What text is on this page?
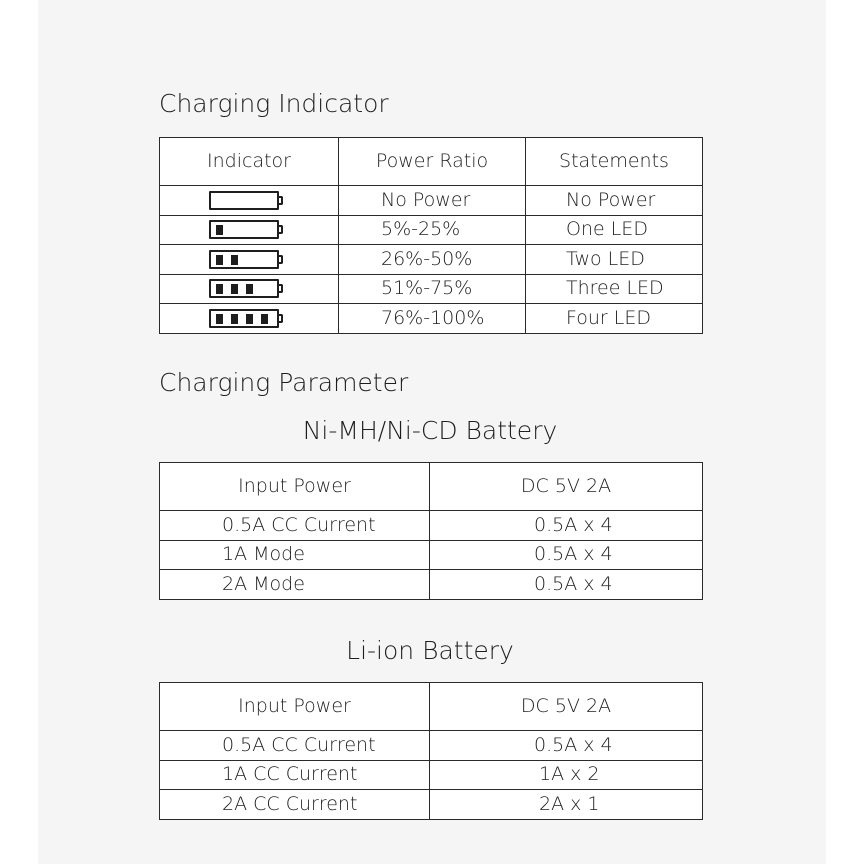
Charging Indicator
Indicator	Power Ratio	Statements

	No Power	No Power

	5%-25%	One LED

	26%-50%	Two LED

	51%-75%	Three LED

	76%-100%	Four LED
Charging Parameter
Ni-MH/Ni-CD Battery
Input Power	DC 5V 2A
0.5A CC Current	0.5A x 4
1A Mode	0.5A x 4
2A Mode	0.5A x 4
Li-ion Battery
Input Power	DC 5V 2A
0.5A CC Current	0.5A x 4
1A CC Current	1A x 2
2A CC Current	2A x 1
